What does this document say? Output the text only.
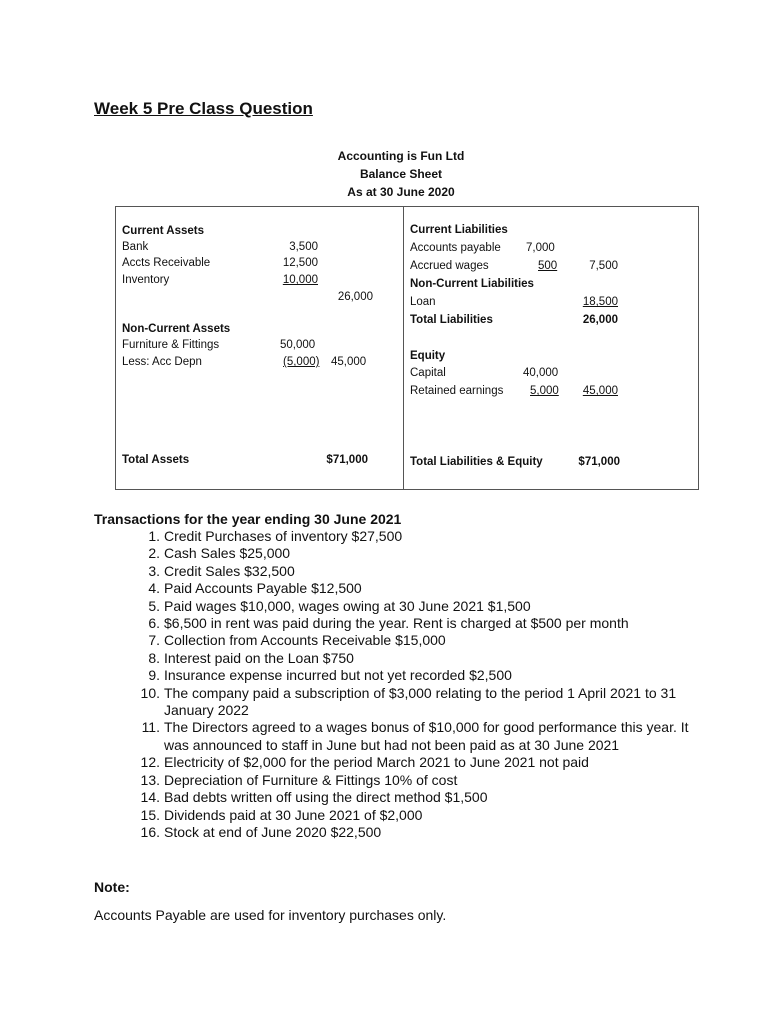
Week 5 Pre Class Question
Accounting is Fun Ltd
Balance Sheet
As at 30 June 2020
Current Assets
Bank	3,500
Accts Receivable	12,500
Inventory	10,000
26,000
Non-Current Assets
Furniture & Fittings	50,000
Less: Acc Depn	(5,000) 45,000
Total Assets	$71,000
Current Liabilities
Accounts payable 7,000
Accrued wages	500	7,500
Non-Current Liabilities
Loan	18,500
Total Liabilities	26,000
Equity
Capital	40,000
Retained earnings 5,000	45,000
Total Liabilities & Equity	$71,000
Transactions for the year ending 30 June 2021
1. Credit Purchases of inventory $27,500
2. Cash Sales $25,000
3. Credit Sales $32,500
4. Paid Accounts Payable $12,500
5. Paid wages $10,000, wages owing at 30 June 2021 $1,500
6. $6,500 in rent was paid during the year. Rent is charged at $500 per month
7. Collection from Accounts Receivable $15,000
8. Interest paid on the Loan $750
9. Insurance expense incurred but not yet recorded $2,500
10. The company paid a subscription of $3,000 relating to the period 1 April 2021 to 31 January 2022
11. The Directors agreed to a wages bonus of $10,000 for good performance this year. It was announced to staff in June but had not been paid as at 30 June 2021
12. Electricity of $2,000 for the period March 2021 to June 2021 not paid
13. Depreciation of Furniture & Fittings 10% of cost
14. Bad debts written off using the direct method $1,500
15. Dividends paid at 30 June 2021 of $2,000
16. Stock at end of June 2020 $22,500
Note:
Accounts Payable are used for inventory purchases only.
